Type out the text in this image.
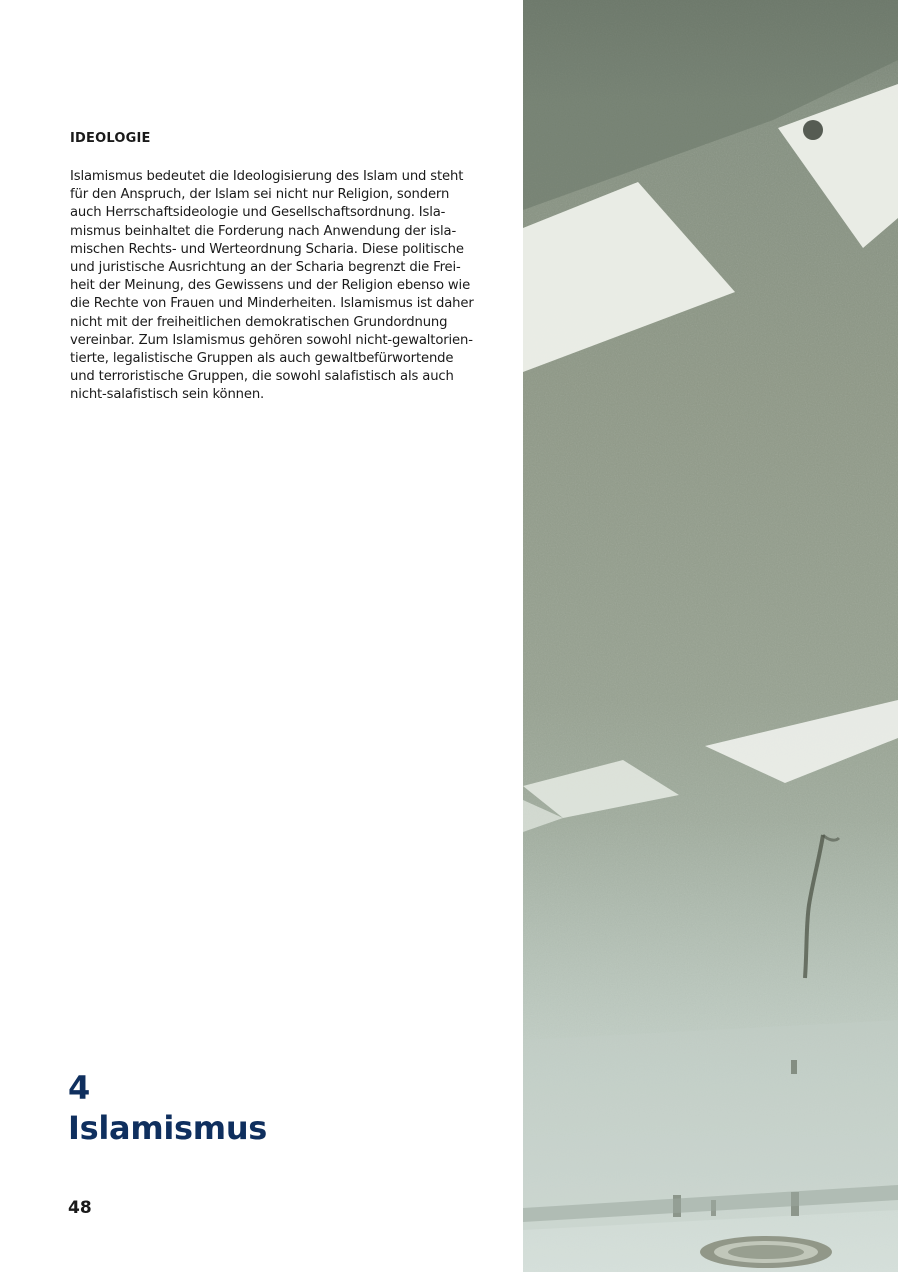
IDEOLOGIE

Islamismus bedeutet die Ideologisierung des Islam und steht
für den Anspruch, der Islam sei nicht nur Religion, sondern
auch Herrschaftsideologie und Gesellschaftsordnung. Isla-
mismus beinhaltet die Forderung nach Anwendung der isla-
mischen Rechts- und Werteordnung Scharia. Diese politische
und juristische Ausrichtung an der Scharia begrenzt die Frei-
heit der Meinung, des Gewissens und der Religion ebenso wie
die Rechte von Frauen und Minderheiten. Islamismus ist daher
nicht mit der freiheitlichen demokratischen Grundordnung
vereinbar. Zum Islamismus gehören sowohl nicht-gewaltorien-
tierte, legalistische Gruppen als auch gewaltbefürwortende
und terroristische Gruppen, die sowohl salafistisch als auch
nicht-salafistisch sein können.

4
Islamismus
48
